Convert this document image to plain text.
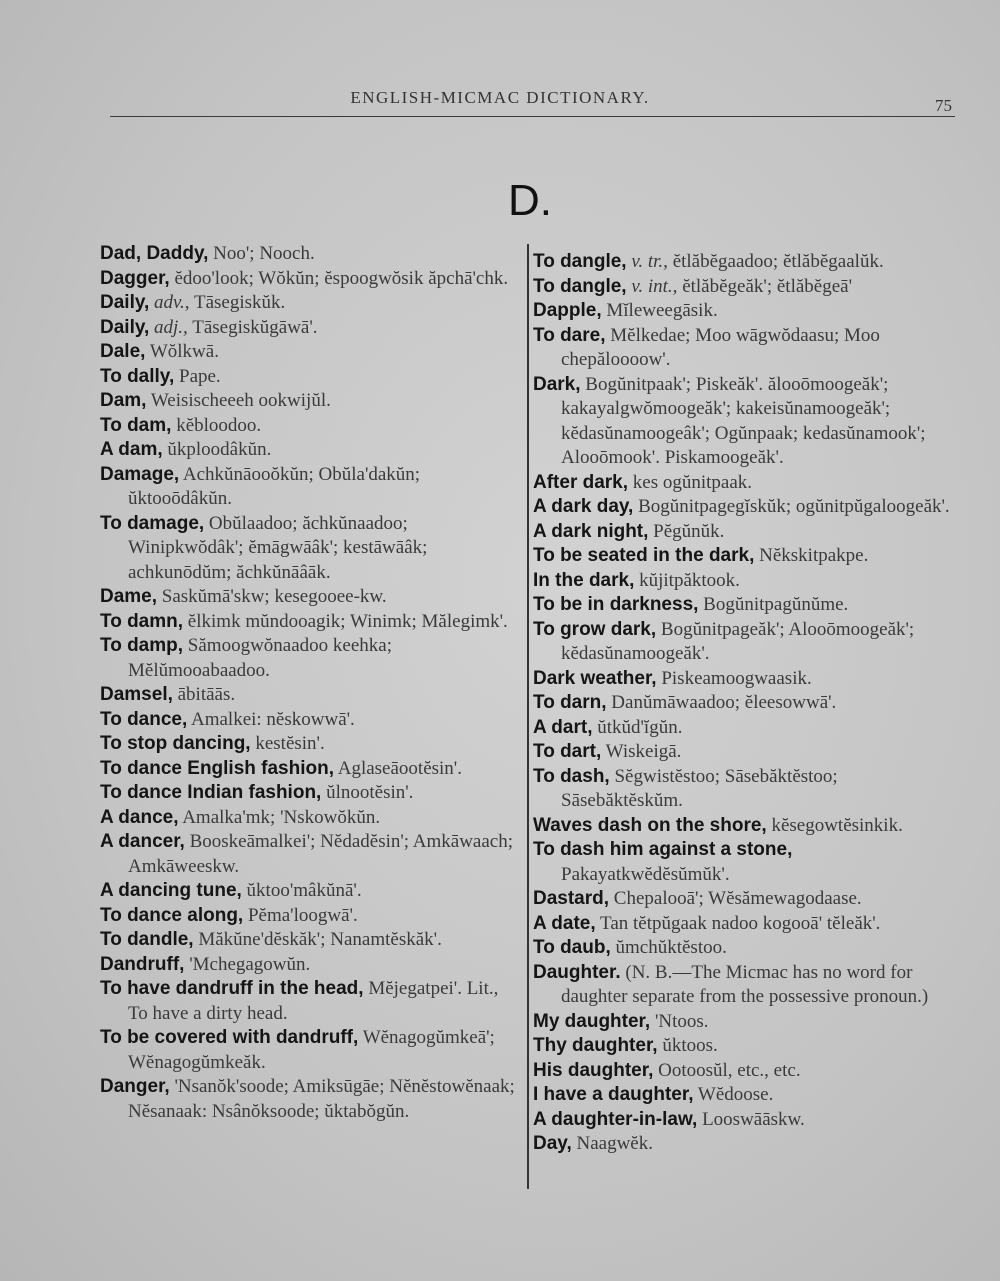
ENGLISH-MICMAC DICTIONARY.	75
D.

Dad, Daddy, Noo'; Nooch.

Dagger, ĕdoo'look; Wŏkŭn; ĕspoogwŏsik ăpchā'chk.

Daily, adv., Tāsegiskŭk.

Daily, adj., Tāsegiskŭgāwā'.

Dale, Wŏlkwā.

To dally, Pape.

Dam, Weisischeeeh ookwijŭl.

To dam, kĕbloodoo.

A dam, ŭkploodâkŭn.

Damage, Achkŭnāooŏkŭn; Obŭla'dakŭn; ŭktooōdâkŭn.

To damage, Obŭlaadoo; ăchkŭnaadoo; Winipkwŏdâk'; ĕmāgwāâk'; kestāwāâk; achkunōdŭm; ăchkŭnāâāk.

Dame, Saskŭmā'skw; kesegooee-kw.

To damn, ĕlkimk mŭndooagik; Winimk; Mălegimk'.

To damp, Sămoogwŏnaadoo keehka; Mĕlŭmooabaadoo.

Damsel, ābitāās.

To dance, Amalkei: nĕskowwā'.

To stop dancing, kestĕsin'.

To dance English fashion, Aglaseāootĕsin'.

To dance Indian fashion, ŭlnootĕsin'.

A dance, Amalka'mk; 'Nskowŏkŭn.

A dancer, Booskeāmalkei'; Nĕdadĕsin'; Amkāwaach; Amkāweeskw.

A dancing tune, ŭktoo'mâkŭnā'.

To dance along, Pĕma'loogwā'.

To dandle, Măkŭne'dĕskăk'; Nanamtĕskăk'.

Dandruff, 'Mchegagowŭn.

To have dandruff in the head, Mĕjegatpei'. Lit., To have a dirty head.

To be covered with dandruff, Wĕnagogŭmkeā'; Wĕnagogŭmkeăk.

Danger, 'Nsanŏk'soode; Amiksūgāe; Nĕnĕstowĕnaak; Nĕsanaak: Nsânŏksoode; ŭktabŏgŭn.

To dangle, v. tr., ĕtlăbĕgaadoo; ĕtlăbĕgaalŭk.

To dangle, v. int., ĕtlăbĕgeăk'; ĕtlăbĕgeā'

Dapple, Mĭleweegāsik.

To dare, Mĕlkedae; Moo wāgwŏdaasu; Moo chepăloooow'.

Dark, Bogŭnitpaak'; Piskeăk'. ălooōmoogeăk'; kakayalgwŏmoogeăk'; kakeisŭnamoogeăk'; kĕdasŭnamoogeâk'; Ogŭnpaak; kedasŭnamook'; Alooōmook'. Piskamoogeăk'.

After dark, kes ogŭnitpaak.

A dark day, Bogŭnitpagegĭskŭk; ogŭnitpŭgaloogeăk'.

A dark night, Pĕgŭnŭk.

To be seated in the dark, Nĕkskitpakpe.

In the dark, kŭjitpăktook.

To be in darkness, Bogŭnitpagŭnŭme.

To grow dark, Bogŭnitpageăk'; Alooōmoogeăk'; kĕdasŭnamoogeăk'.

Dark weather, Piskeamoogwaasik.

To darn, Danŭmāwaadoo; ĕleesowwā'.

A dart, ŭtkŭd'ĭgŭn.

To dart, Wiskeigā.

To dash, Sĕgwistĕstoo; Sāsebăktĕstoo; Sāsebăktĕskŭm.

Waves dash on the shore, kĕsegowtĕsinkik.

To dash him against a stone, Pakayatkwĕdĕsŭmŭk'.

Dastard, Chepalooā'; Wĕsămewagodaase.

A date, Tan tĕtpŭgaak nadoo kogooā' tĕleăk'.

To daub, ŭmchŭktĕstoo.

Daughter. (N. B.—The Micmac has no word for daughter separate from the possessive pronoun.)

My daughter, 'Ntoos.

Thy daughter, ŭktoos.

His daughter, Ootoosŭl, etc., etc.

I have a daughter, Wĕdoose.

A daughter-in-law, Looswāāskw.

Day, Naagwĕk.
